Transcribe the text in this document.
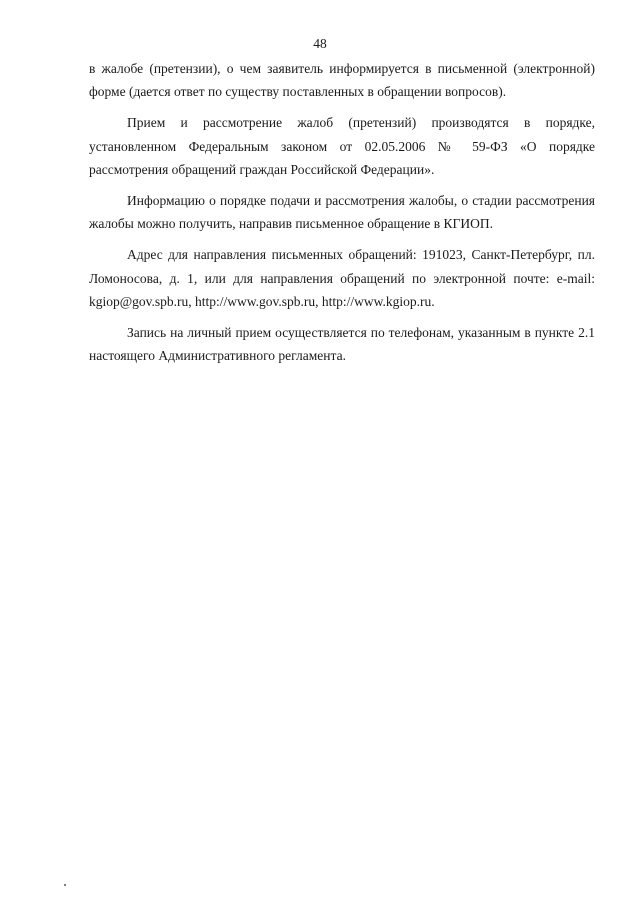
48

в жалобе (претензии), о чем заявитель информируется в письменной (электронной) форме (дается ответ по существу поставленных в обращении вопросов).

Прием и рассмотрение жалоб (претензий) производятся в порядке, установленном Федеральным законом от 02.05.2006 № 59-ФЗ «О порядке рассмотрения обращений граждан Российской Федерации».

Информацию о порядке подачи и рассмотрения жалобы, о стадии рассмотрения жалобы можно получить, направив письменное обращение в КГИОП.

Адрес для направления письменных обращений: 191023, Санкт-Петербург, пл. Ломоносова, д. 1, или для направления обращений по электронной почте: e-mail: kgiop@gov.spb.ru, http://www.gov.spb.ru, http://www.kgiop.ru.

Запись на личный прием осуществляется по телефонам, указанным в пункте 2.1 настоящего Административного регламента.
